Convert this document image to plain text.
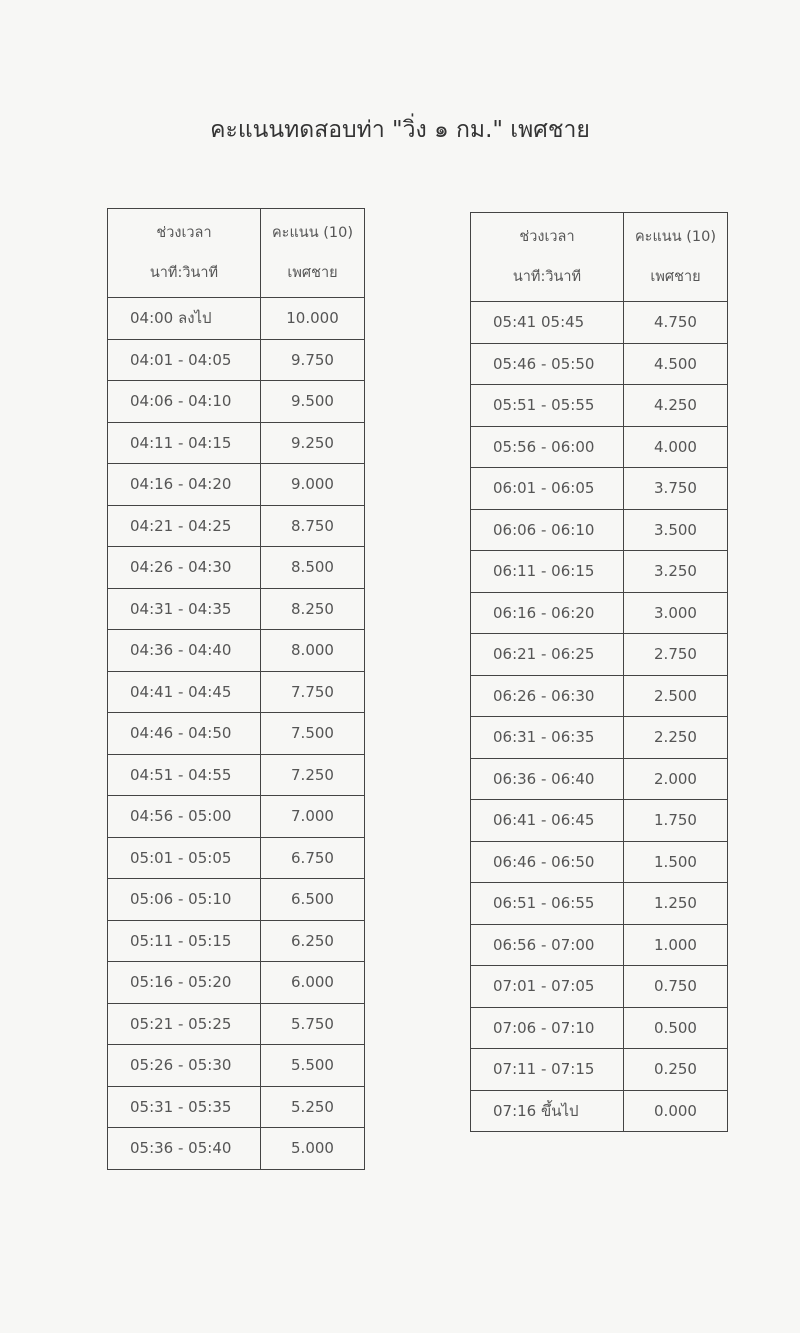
คะแนนทดสอบท่า "วิ่ง ๑ กม." เพศชาย
ช่วงเวลา
นาที:วินาที	คะแนน (10)
เพศชาย
04:00 ลงไป	10.000
04:01 - 04:05	9.750
04:06 - 04:10	9.500
04:11 - 04:15	9.250
04:16 - 04:20	9.000
04:21 - 04:25	8.750
04:26 - 04:30	8.500
04:31 - 04:35	8.250
04:36 - 04:40	8.000
04:41 - 04:45	7.750
04:46 - 04:50	7.500
04:51 - 04:55	7.250
04:56 - 05:00	7.000
05:01 - 05:05	6.750
05:06 - 05:10	6.500
05:11 - 05:15	6.250
05:16 - 05:20	6.000
05:21 - 05:25	5.750
05:26 - 05:30	5.500
05:31 - 05:35	5.250
05:36 - 05:40	5.000
ช่วงเวลา
นาที:วินาที	คะแนน (10)
เพศชาย
05:41 05:45	4.750
05:46 - 05:50	4.500
05:51 - 05:55	4.250
05:56 - 06:00	4.000
06:01 - 06:05	3.750
06:06 - 06:10	3.500
06:11 - 06:15	3.250
06:16 - 06:20	3.000
06:21 - 06:25	2.750
06:26 - 06:30	2.500
06:31 - 06:35	2.250
06:36 - 06:40	2.000
06:41 - 06:45	1.750
06:46 - 06:50	1.500
06:51 - 06:55	1.250
06:56 - 07:00	1.000
07:01 - 07:05	0.750
07:06 - 07:10	0.500
07:11 - 07:15	0.250
07:16 ขึ้นไป	0.000
